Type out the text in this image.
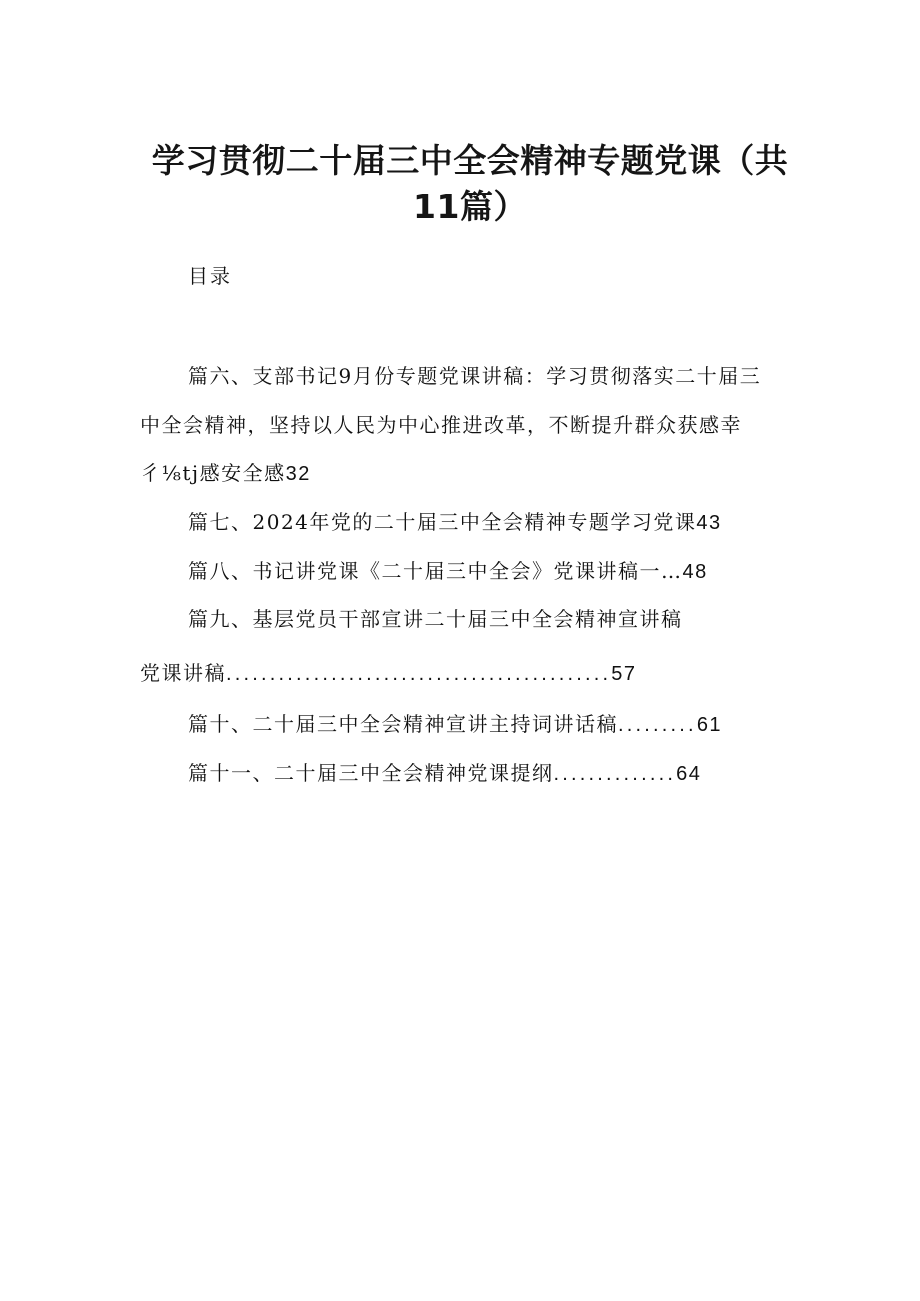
学习贯彻二十届三中全会精神专题党课（共
11篇）
目录
篇六、支部书记9月份专题党课讲稿：学习贯彻落实二十届三
中全会精神，坚持以人民为中心推进改革，不断提升群众获感幸
彳⅛tj感安全感32
篇七、2024年党的二十届三中全会精神专题学习党课43
篇八、书记讲党课《二十届三中全会》党课讲稿一…48
篇九、基层党员干部宣讲二十届三中全会精神宣讲稿
党课讲稿............................................57
篇十、二十届三中全会精神宣讲主持词讲话稿.........61
篇十一、二十届三中全会精神党课提纲..............64
